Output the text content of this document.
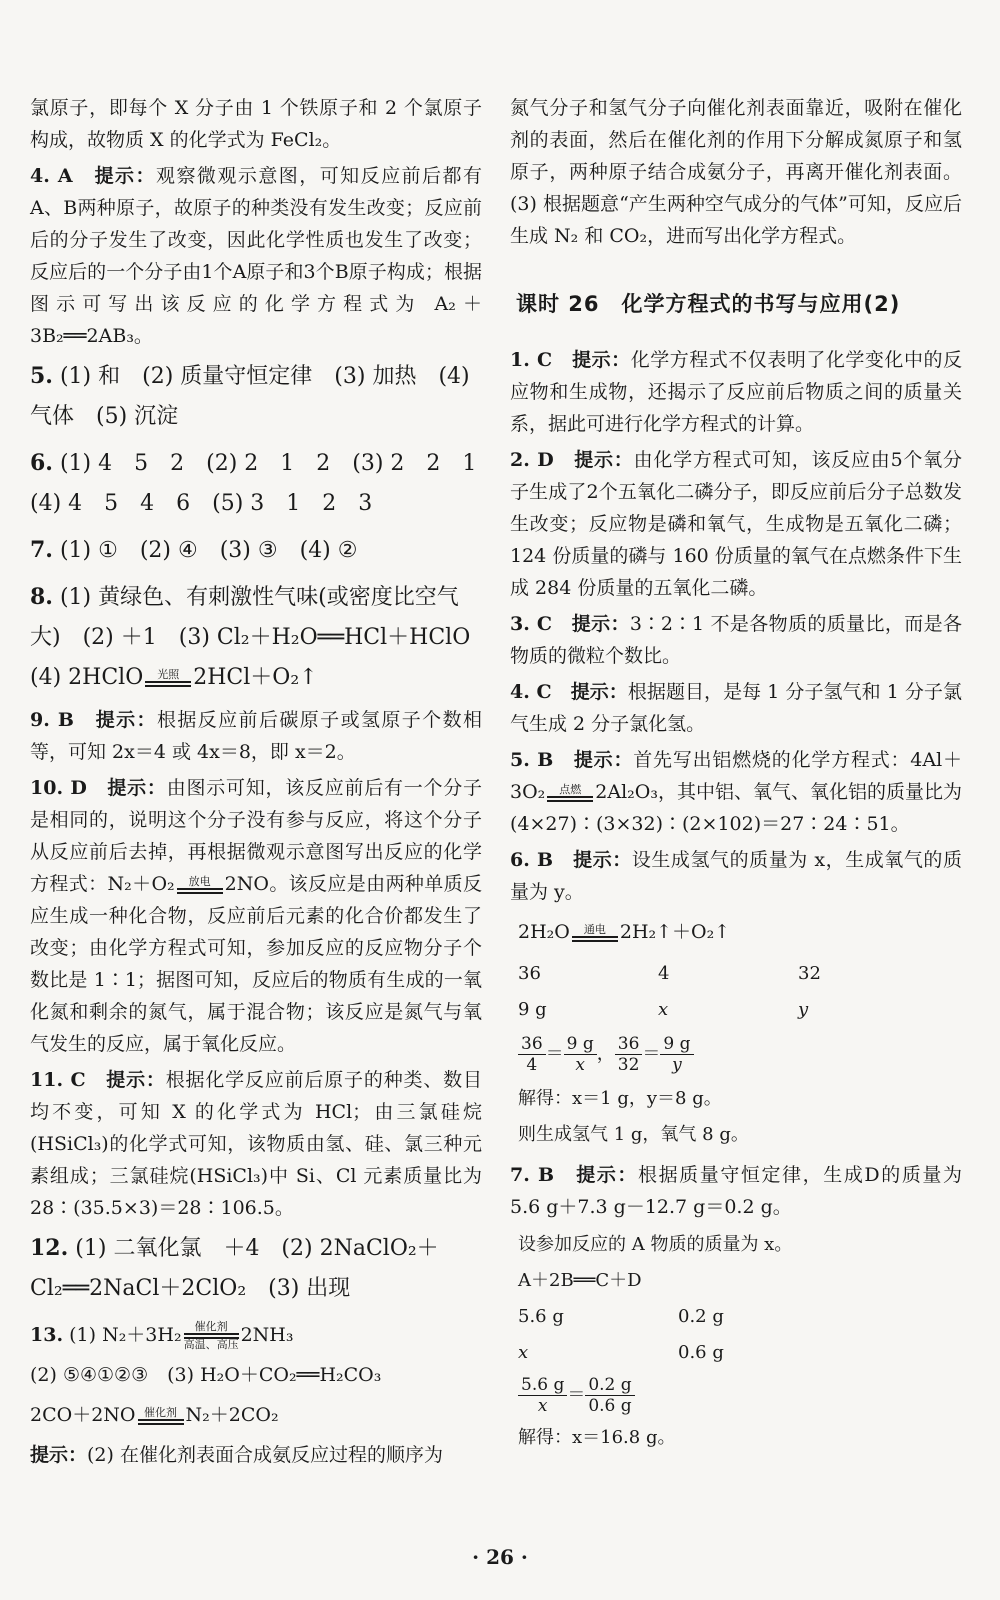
氯原子，即每个 X 分子由 1 个铁原子和 2 个氯原子构成，故物质 X 的化学式为 FeCl₂。

4. A　 提示：观察微观示意图，可知反应前后都有A、B两种原子，故原子的种类没有发生改变；反应前后的分子发生了改变，因此化学性质也发生了改变；反应后的一个分子由1个A原子和3个B原子构成；根据图示可写出该反应的化学方程式为 A₂＋3B₂══2AB₃。

5. (1) 和　(2) 质量守恒定律　(3) 加热　(4) 气体　(5) 沉淀

6. (1) 4　5　2　(2) 2　1　2　(3) 2　2　1　(4) 4　5　4　6　(5) 3　1　2　3

7. (1) ①　(2) ④　(3) ③　(4) ②

8. (1) 黄绿色、有刺激性气味(或密度比空气大)　(2) ＋1　(3) Cl₂＋H₂O══HCl＋HClO　(4) 2HClO	光照 2HCl＋O₂↑

9. B　 提示：根据反应前后碳原子或氢原子个数相等，可知 2x＝4 或 4x＝8，即 x＝2。

10. D　 提示：由图示可知，该反应前后有一个分子是相同的，说明这个分子没有参与反应，将这个分子从反应前后去掉，再根据微观示意图写出反应的化学方程式：N₂＋O₂	放电 2NO。该反应是由两种单质反应生成一种化合物，反应前后元素的化合价都发生了改变；由化学方程式可知，参加反应的反应物分子个数比是 1∶1；据图可知，反应后的物质有生成的一氧化氮和剩余的氮气，属于混合物；该反应是氮气与氧气发生的反应，属于氧化反应。

11. C　 提示：根据化学反应前后原子的种类、数目均不变，可知 X 的化学式为 HCl；由三氯硅烷(HSiCl₃)的化学式可知，该物质由氢、硅、氯三种元素组成；三氯硅烷(HSiCl₃)中 Si、Cl 元素质量比为 28∶(35.5×3)＝28∶106.5。

12. (1) 二氧化氯　＋4　(2) 2NaClO₂＋Cl₂══2NaCl＋2ClO₂　(3) 出现

13. (1) N₂＋3H₂	催化剂
高温、高压 2NH₃
(2) ⑤④①②③　(3) H₂O＋CO₂══H₂CO₃
2CO＋2NO 催化剂 N₂＋2CO₂

提示：(2) 在催化剂表面合成氨反应过程的顺序为

氮气分子和氢气分子向催化剂表面靠近，吸附在催化剂的表面，然后在催化剂的作用下分解成氮原子和氢原子，两种原子结合成氨分子，再离开催化剂表面。(3) 根据题意“产生两种空气成分的气体”可知，反应后生成 N₂ 和 CO₂，进而写出化学方程式。

课时 26　化学方程式的书写与应用(2)

1. C　 提示：化学方程式不仅表明了化学变化中的反应物和生成物，还揭示了反应前后物质之间的质量关系，据此可进行化学方程式的计算。

2. D　 提示：由化学方程式可知，该反应由5个氧分子生成了2个五氧化二磷分子，即反应前后分子总数发生改变；反应物是磷和氧气，生成物是五氧化二磷；124 份质量的磷与 160 份质量的氧气在点燃条件下生成 284 份质量的五氧化二磷。

3. C　 提示：3∶2∶1 不是各物质的质量比，而是各物质的微粒个数比。

4. C　 提示：根据题目，是每 1 分子氢气和 1 分子氯气生成 2 分子氯化氢。

5. B　 提示：首先写出铝燃烧的化学方程式：4Al＋3O₂	点燃 2Al₂O₃，其中铝、氧气、氧化铝的质量比为(4×27)∶(3×32)∶(2×102)＝27∶24∶51。

6. B　 提示：设生成氢气的质量为 x，生成氧气的质量为 y。

2H₂O	通电 2H₂↑＋O₂↑
36	4	32
9 g	x	y
$\frac{36}{4} = \frac{9 g}{x}$ ， $\frac{36}{32} = \frac{9 g}{y}$
解得：x＝1 g，y＝8 g。
则生成氢气 1 g，氧气 8 g。

7. B　 提示：根据质量守恒定律，生成D的质量为 5.6 g＋7.3 g－12.7 g＝0.2 g。

设参加反应的 A 物质的质量为 x。
A＋2B══C＋D
5.6 g	0.2 g
x	0.6 g
$\frac{5.6 g}{x} = \frac{0.2 g}{0.6 g}$
解得：x＝16.8 g。
· 26 ·
